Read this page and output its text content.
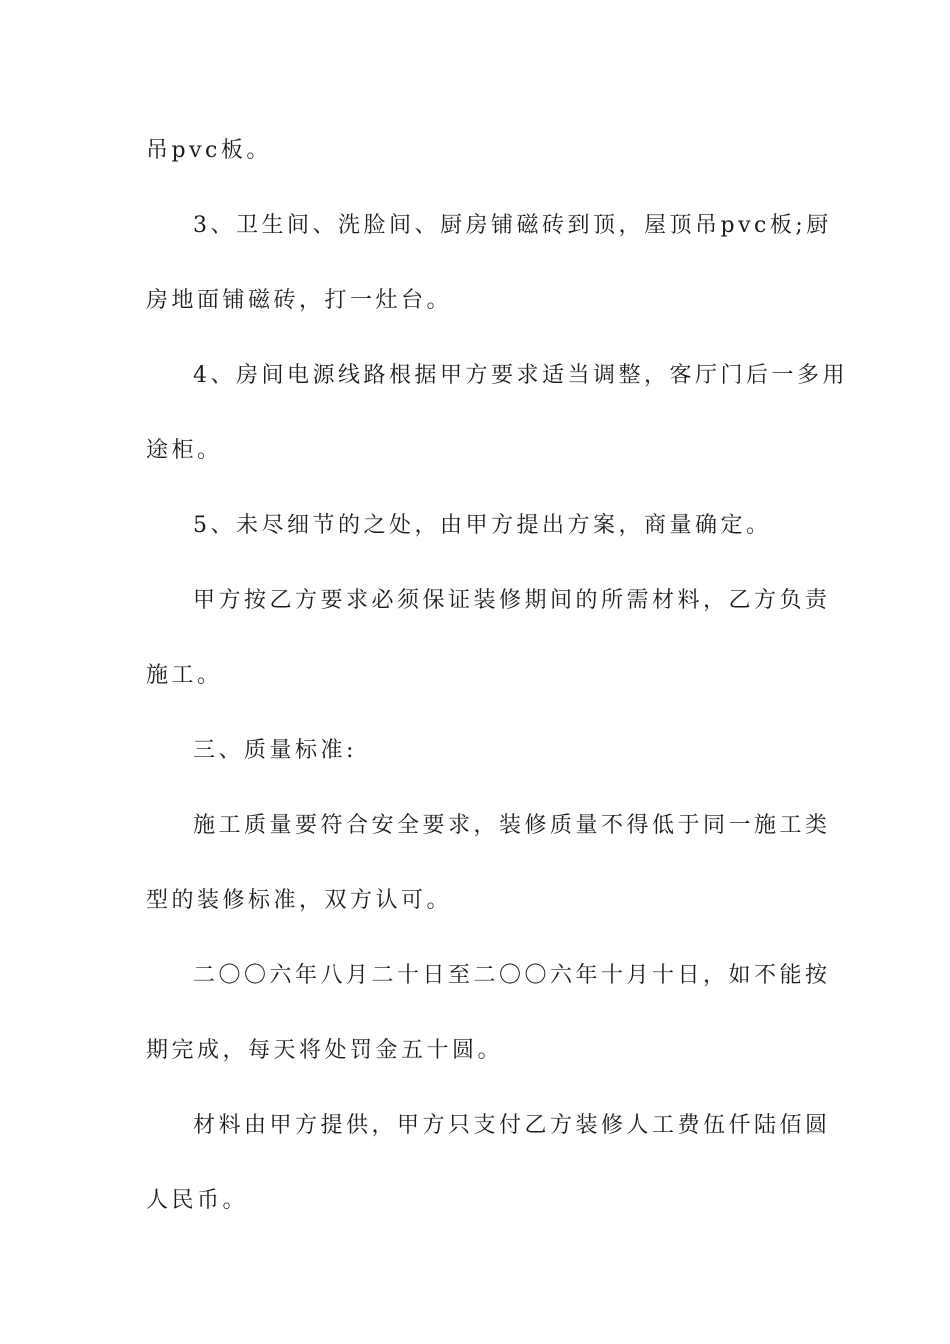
吊pvc板。
3、卫生间、洗脸间、厨房铺磁砖到顶，屋顶吊pvc板;厨
房地面铺磁砖，打一灶台。
4、房间电源线路根据甲方要求适当调整，客厅门后一多用
途柜。
5、未尽细节的之处，由甲方提出方案，商量确定。
甲方按乙方要求必须保证装修期间的所需材料，乙方负责
施工。
三、质量标准:
施工质量要符合安全要求，装修质量不得低于同一施工类
型的装修标准，双方认可。
二〇〇六年八月二十日至二〇〇六年十月十日，如不能按
期完成，每天将处罚金五十圆。
材料由甲方提供，甲方只支付乙方装修人工费伍仟陆佰圆
人民币。
